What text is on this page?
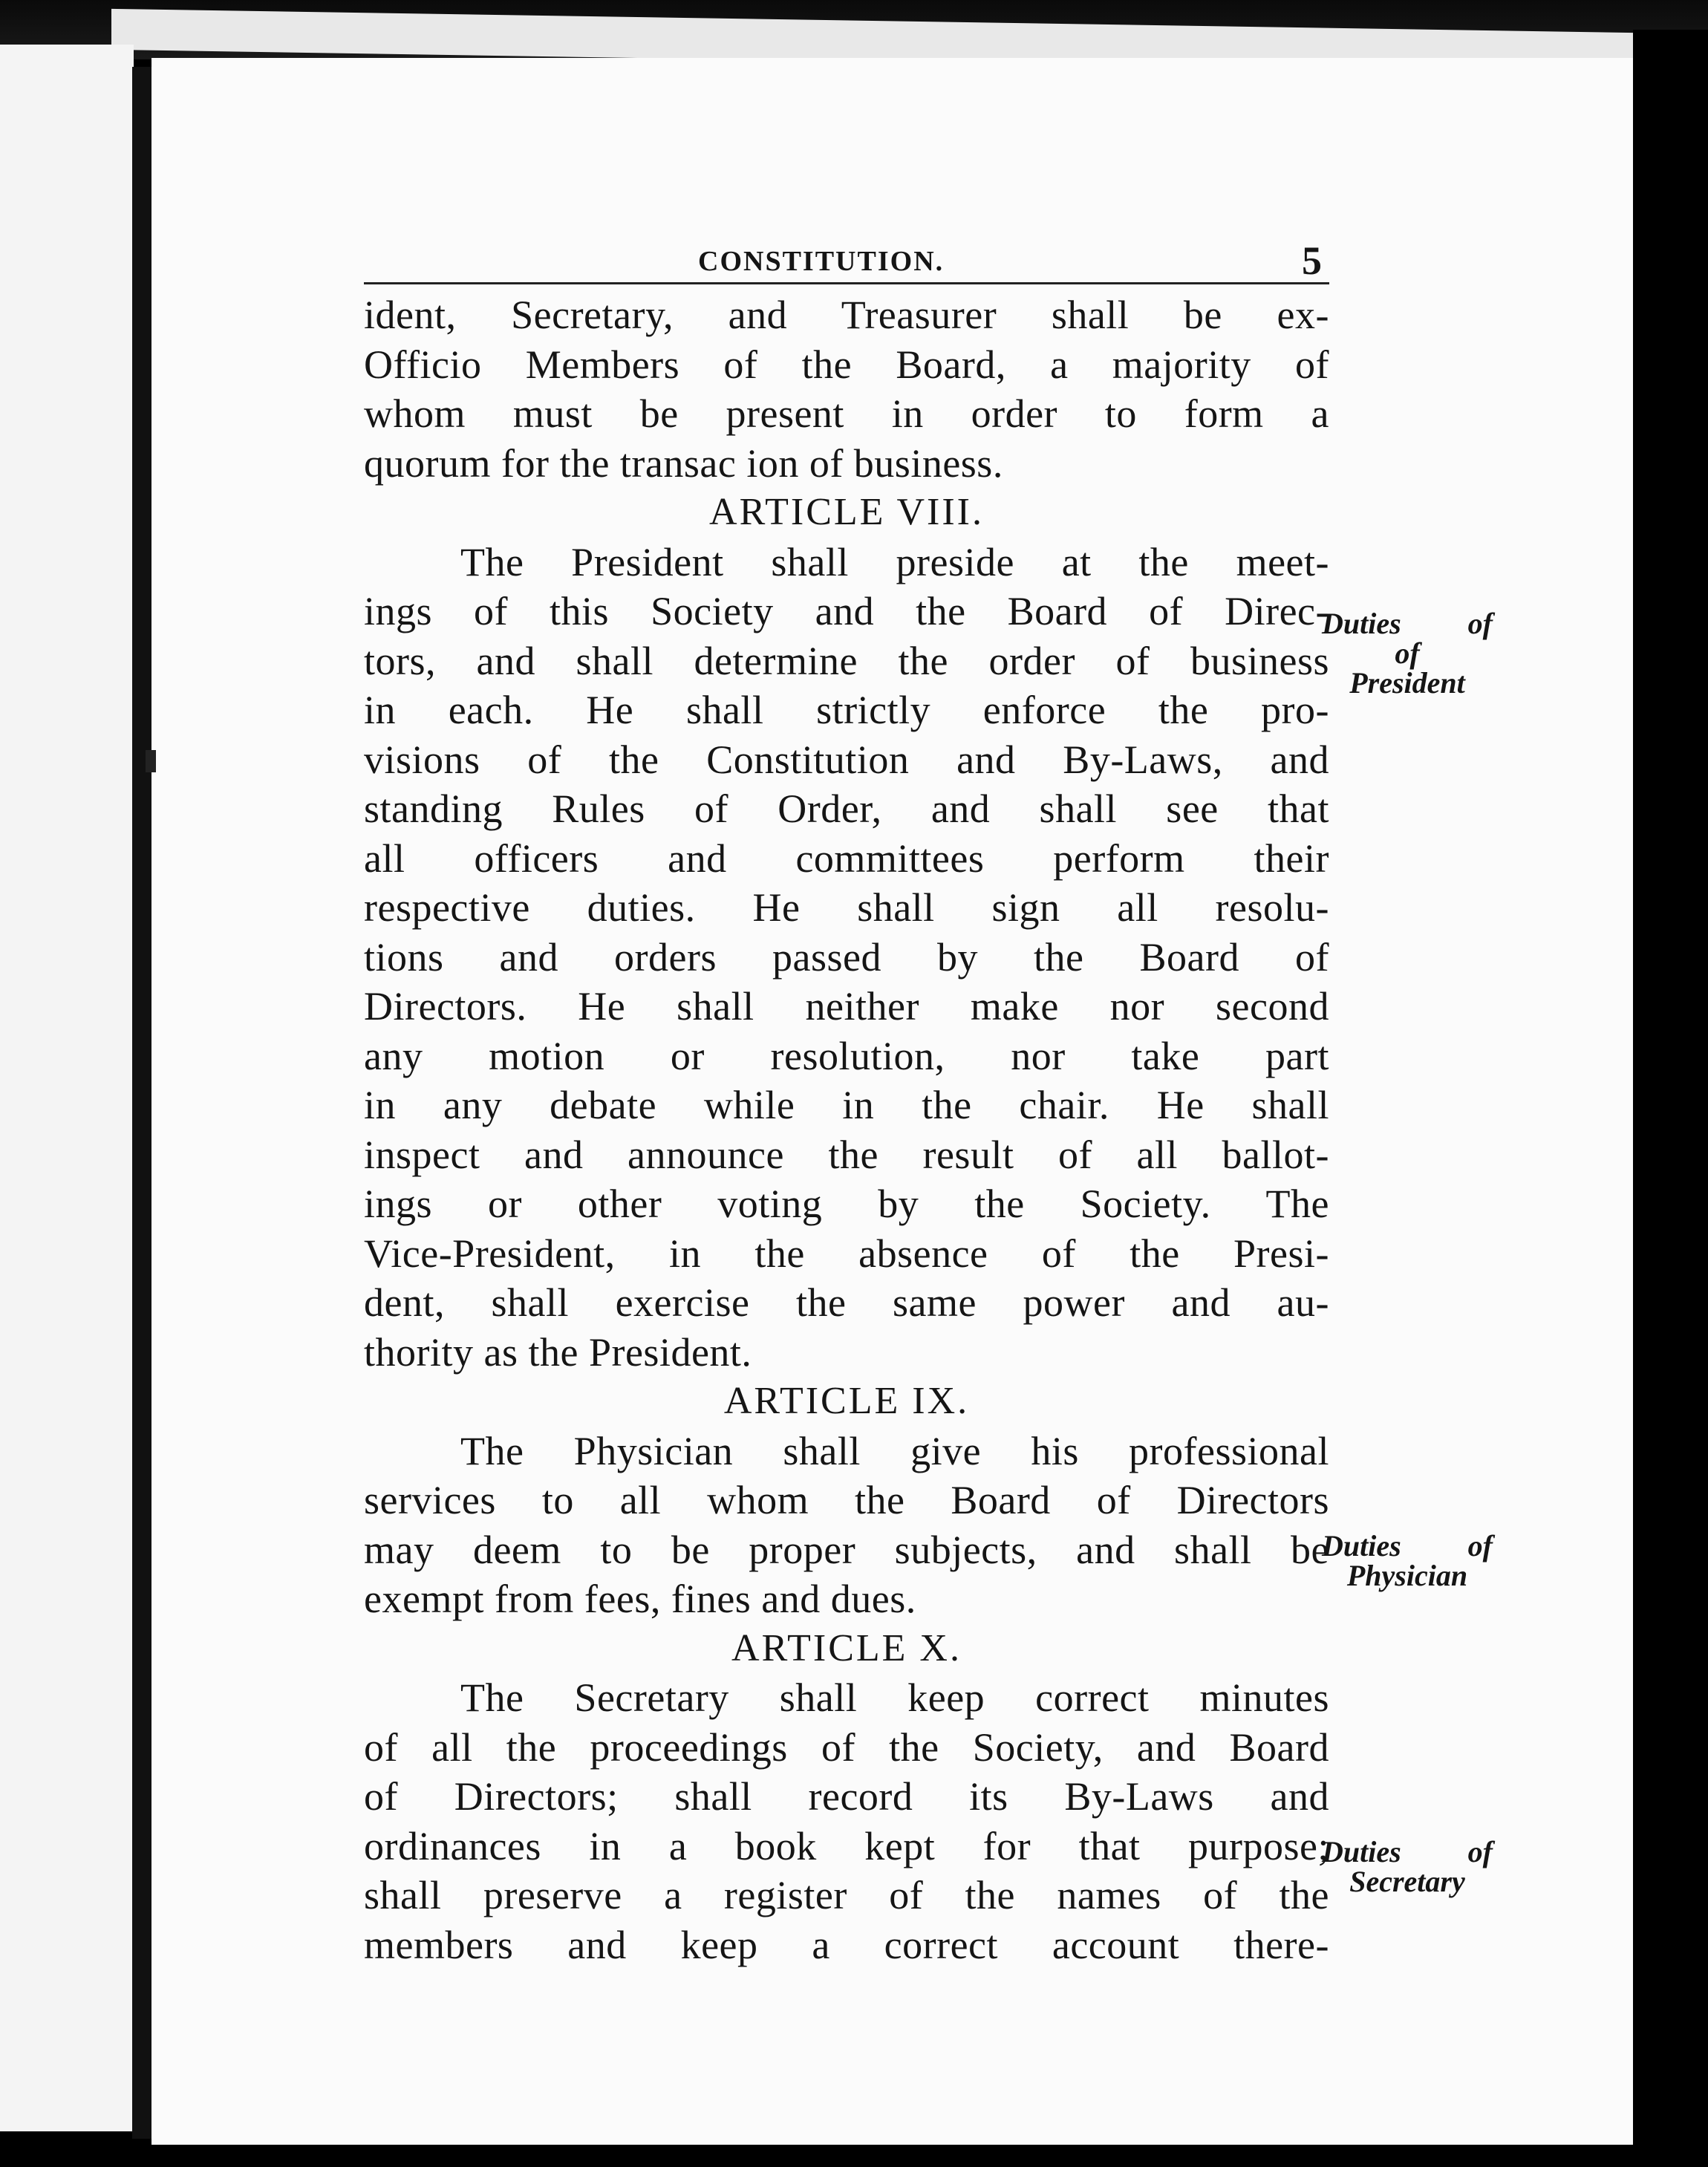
CONSTITUTION.	5
ident, Secretary, and Treasurer shall be ex-
Officio Members of the Board, a majority of
whom must be present in order to form a
quorum for the transac ion of business.
ARTICLE VIII.
The President shall preside at the meet-
ings of this Society and the Board of Direc-
tors, and shall determine the order of business
in each. He shall strictly enforce the pro-
visions of the Constitution and By-Laws, and
standing Rules of Order, and shall see that
all officers and committees perform their
respective duties. He shall sign all resolu-
tions and orders passed by the Board of
Directors. He shall neither make nor second
any motion or resolution, nor take part
in any debate while in the chair. He shall
inspect and announce the result of all ballot-
ings or other voting by the Society. The
Vice-President, in the absence of the Presi-
dent, shall exercise the same power and au-
thority as the President.
ARTICLE IX.
The Physician shall give his professional
services to all whom the Board of Directors
may deem to be proper subjects, and shall be
exempt from fees, fines and dues.
ARTICLE X.
The Secretary shall keep correct minutes
of all the proceedings of the Society, and Board
of Directors; shall record its By-Laws and
ordinances in a book kept for that purpose;
shall preserve a register of the names of the
members and keep a correct account there-
Duties of
of
President
Duties of
Physician
Duties of
Secretary
